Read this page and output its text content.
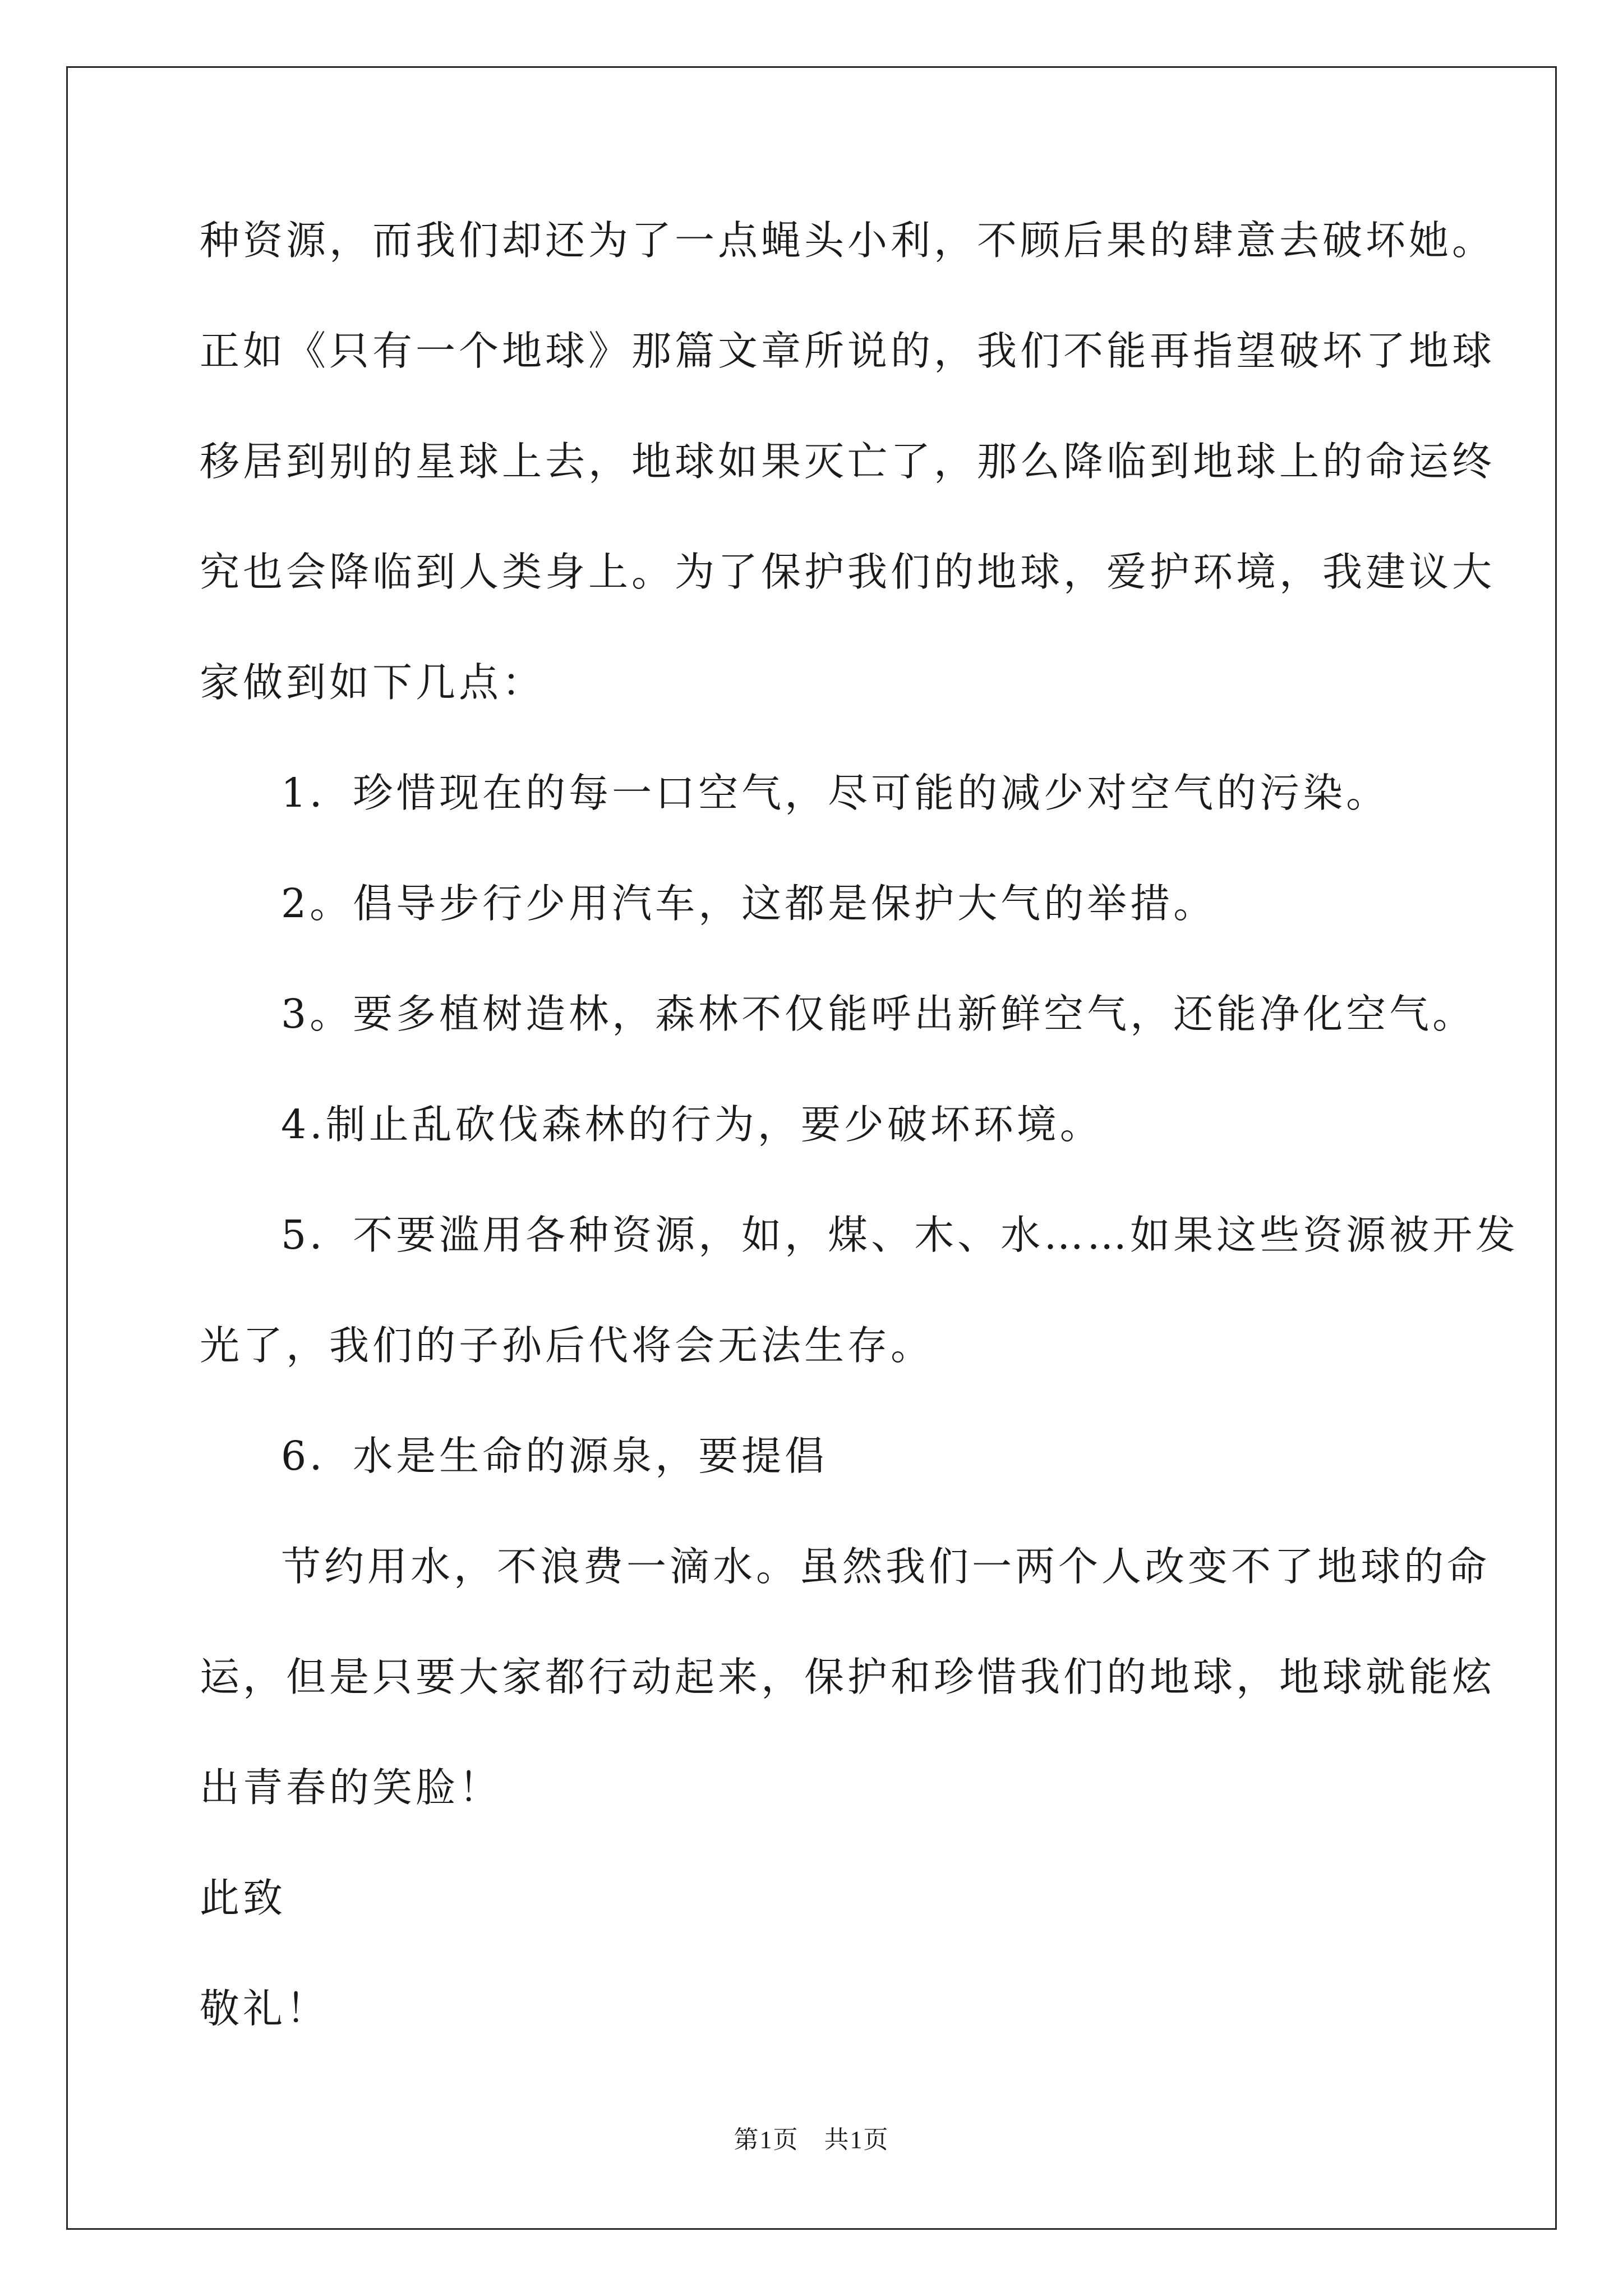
种资源，而我们却还为了一点蝇头小利，不顾后果的肆意去破坏她。
正如《只有一个地球》那篇文章所说的，我们不能再指望破坏了地球
移居到别的星球上去，地球如果灭亡了，那么降临到地球上的命运终
究也会降临到人类身上。为了保护我们的地球，爱护环境，我建议大
家做到如下几点：
1．珍惜现在的每一口空气，尽可能的减少对空气的污染。
2。倡导步行少用汽车，这都是保护大气的举措。
3。要多植树造林，森林不仅能呼出新鲜空气，还能净化空气。
4.制止乱砍伐森林的行为，要少破坏环境。
5．不要滥用各种资源，如，煤、木、水……如果这些资源被开发
光了，我们的子孙后代将会无法生存。
6．水是生命的源泉，要提倡
节约用水，不浪费一滴水。虽然我们一两个人改变不了地球的命
运，但是只要大家都行动起来，保护和珍惜我们的地球，地球就能炫
出青春的笑脸！
此致
敬礼！
第1页 共1页
